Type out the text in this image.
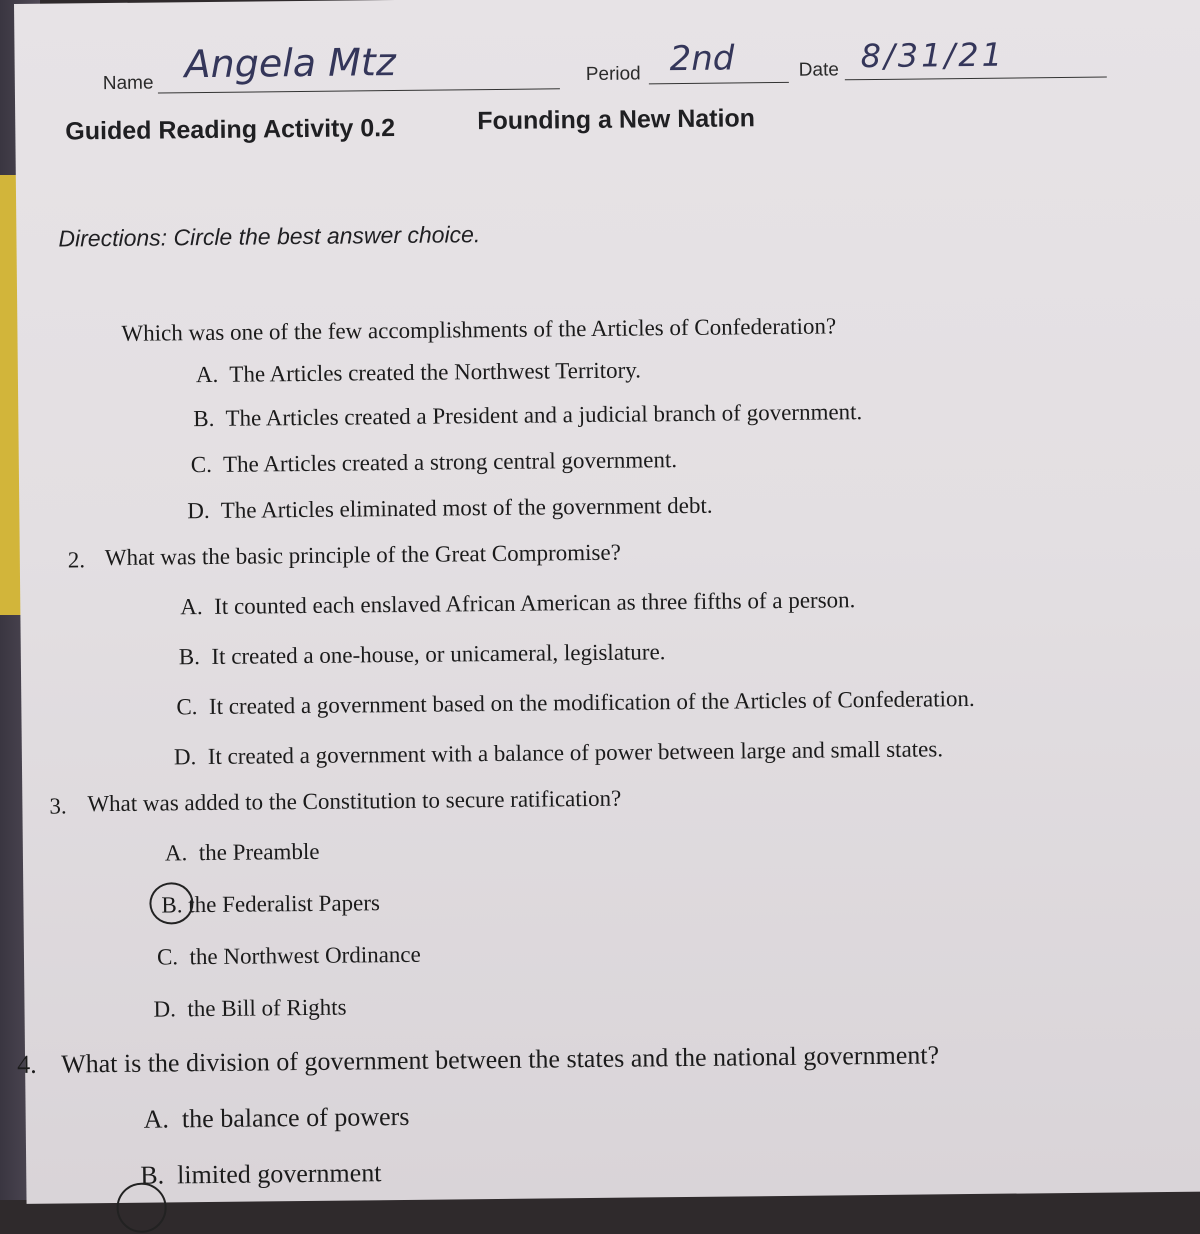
Name Angela Mtz	Period 2nd	Date 8/31/21
Guided Reading Activity 0.2	Founding a New Nation
Directions: Circle the best answer choice.
Which was one of the few accomplishments of the Articles of Confederation?
A. The Articles created the Northwest Territory.
B. The Articles created a President and a judicial branch of government.
C. The Articles created a strong central government.
D. The Articles eliminated most of the government debt.
2. What was the basic principle of the Great Compromise?
A. It counted each enslaved African American as three fifths of a person.
B. It created a one-house, or unicameral, legislature.
C. It created a government based on the modification of the Articles of Confederation.
D. It created a government with a balance of power between large and small states.
3. What was added to the Constitution to secure ratification?
A. the Preamble
B. the Federalist Papers
C. the Northwest Ordinance
D. the Bill of Rights
4. What is the division of government between the states and the national government?
A. the balance of powers
B. limited government
